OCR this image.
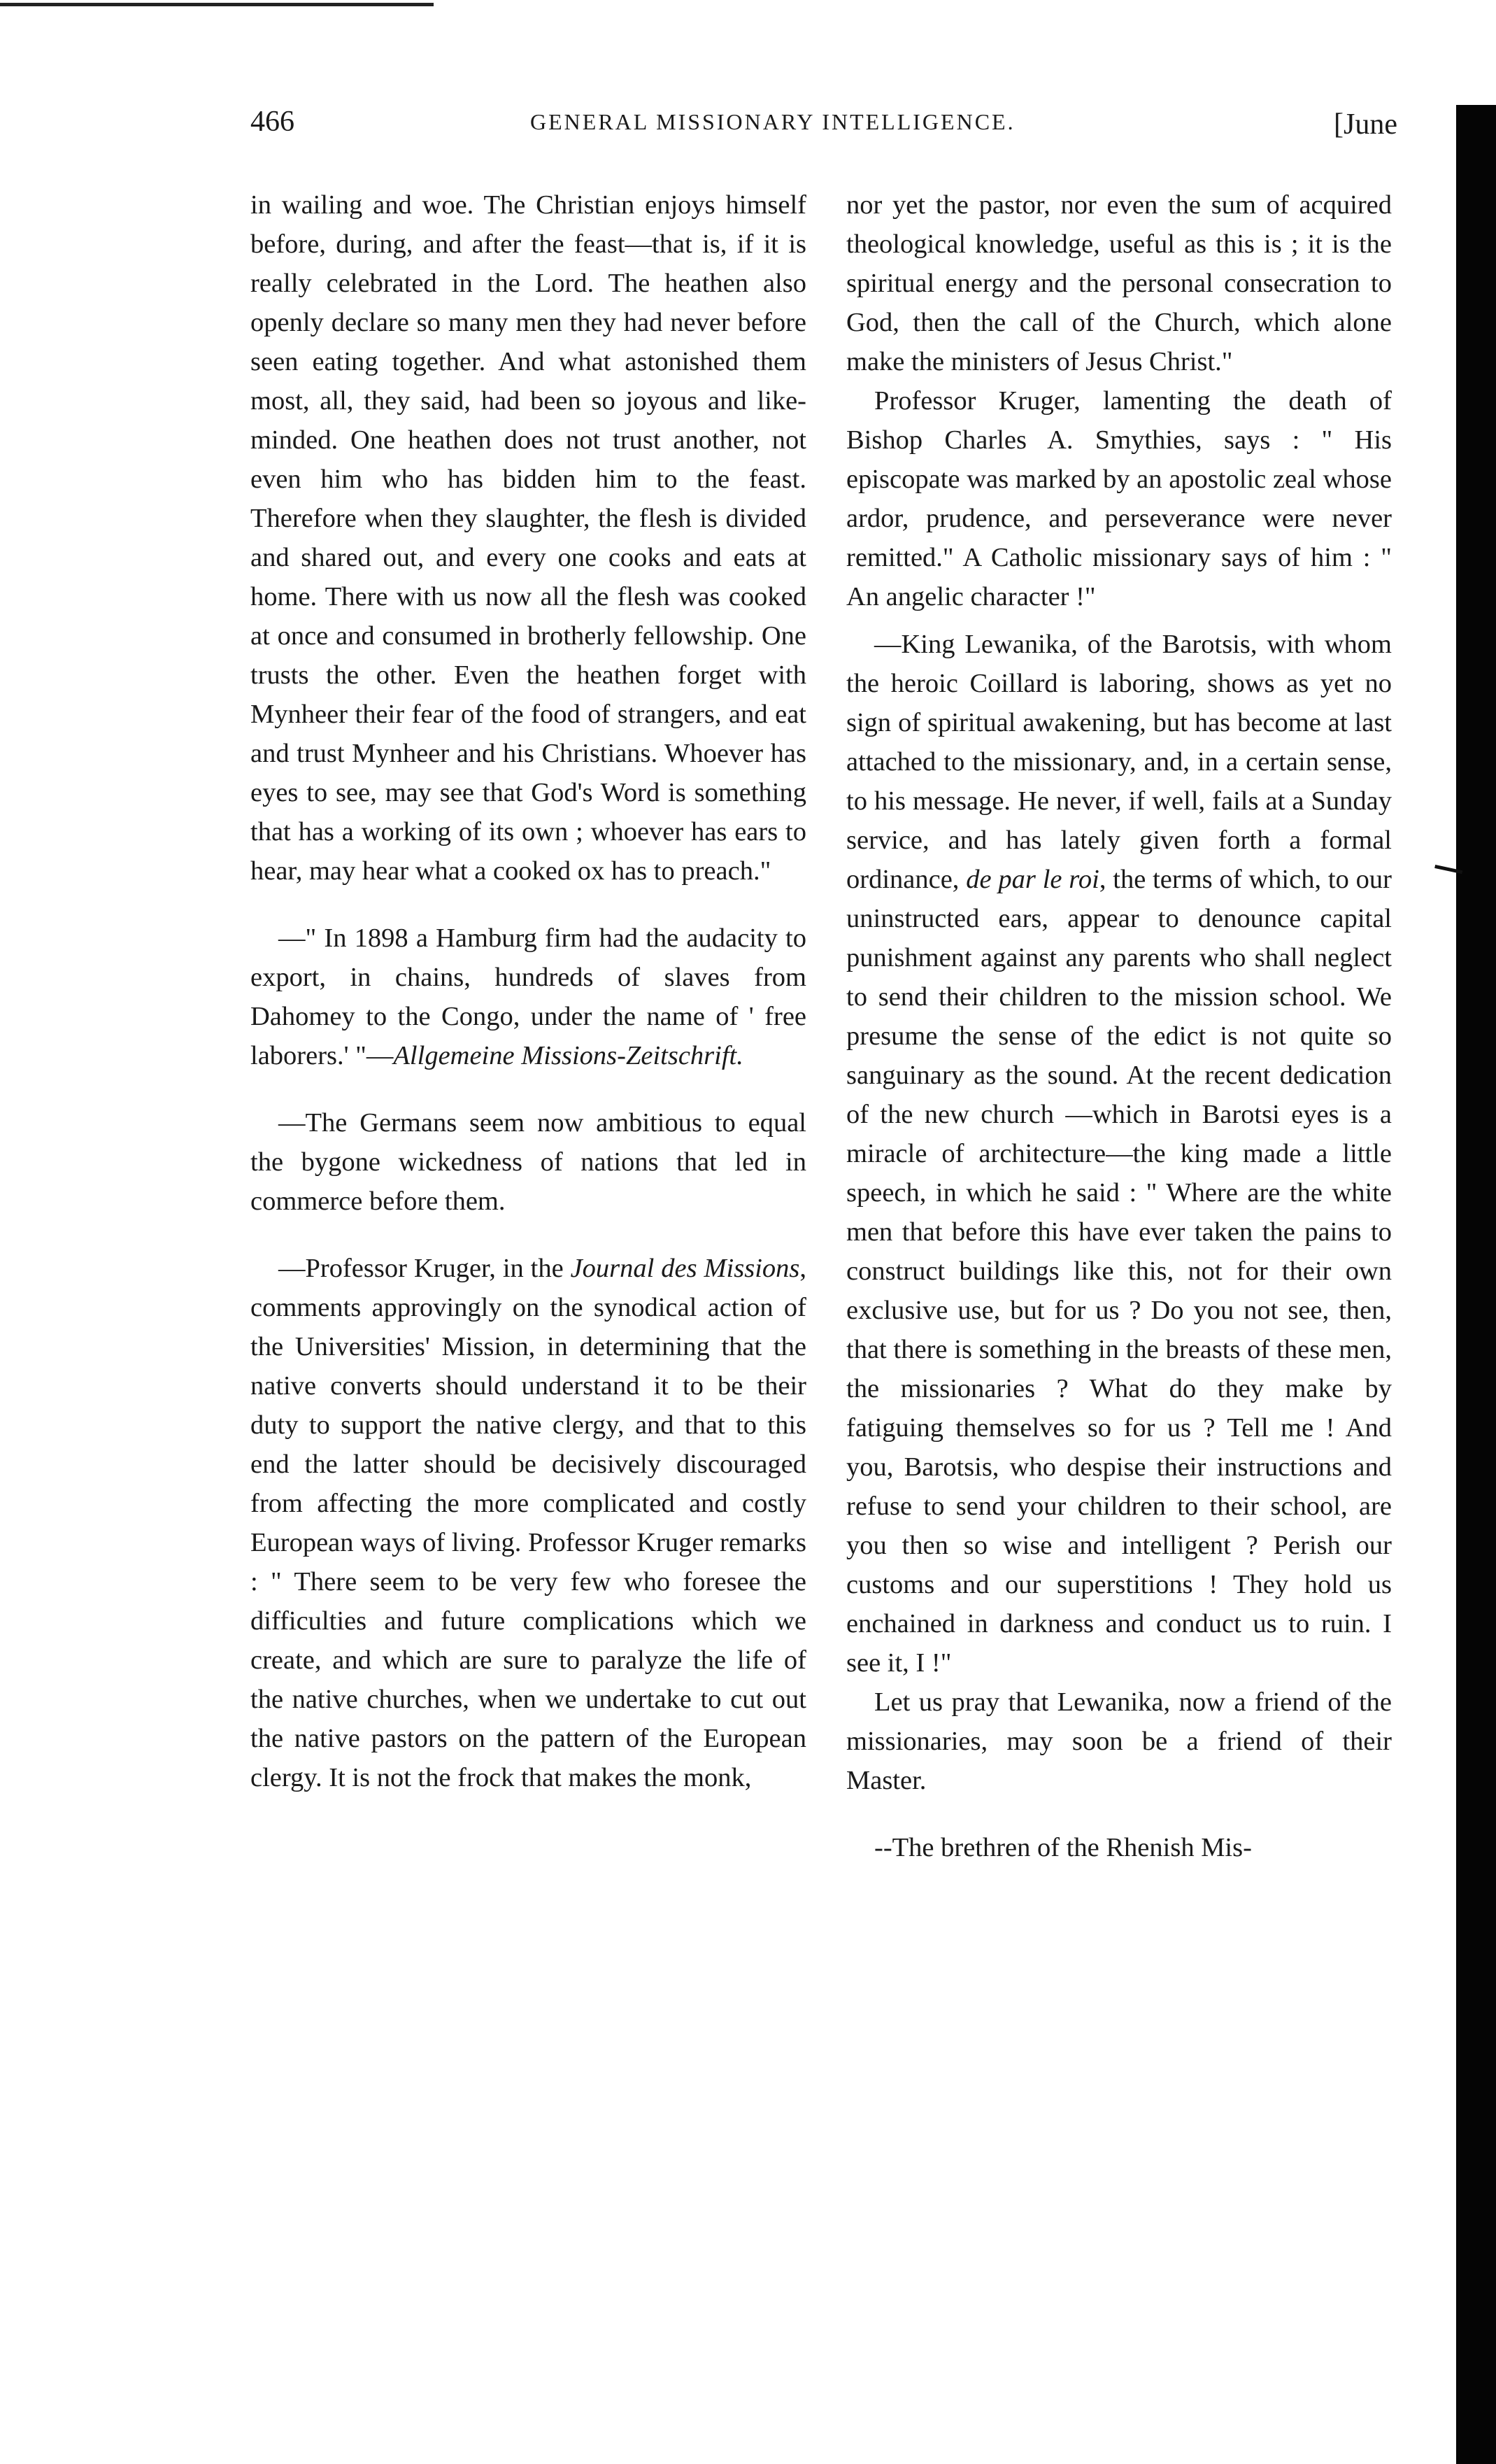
466	GENERAL MISSIONARY INTELLIGENCE.	[June

in wailing and woe. The Christian enjoys himself before, during, and after the feast—that is, if it is really celebrated in the Lord. The heathen also openly declare so many men they had never before seen eating together. And what astonished them most, all, they said, had been so joyous and like-minded. One heathen does not trust another, not even him who has bidden him to the feast. Therefore when they slaughter, the flesh is divided and shared out, and every one cooks and eats at home. There with us now all the flesh was cooked at once and consumed in brotherly fellowship. One trusts the other. Even the heathen forget with Mynheer their fear of the food of strangers, and eat and trust Mynheer and his Christians. Whoever has eyes to see, may see that God's Word is something that has a working of its own ; whoever has ears to hear, may hear what a cooked ox has to preach."

—" In 1898 a Hamburg firm had the audacity to export, in chains, hundreds of slaves from Dahomey to the Congo, under the name of ' free laborers.' "—Allgemeine Missions-Zeitschrift.

—The Germans seem now ambitious to equal the bygone wickedness of nations that led in commerce before them.

—Professor Kruger, in the Journal des Missions, comments approvingly on the synodical action of the Universities' Mission, in determining that the native converts should understand it to be their duty to support the native clergy, and that to this end the latter should be decisively discouraged from affecting the more complicated and costly European ways of living. Professor Kruger remarks : " There seem to be very few who foresee the difficulties and future complications which we create, and which are sure to paralyze the life of the native churches, when we undertake to cut out the native pastors on the pattern of the European clergy. It is not the frock that makes the monk,

nor yet the pastor, nor even the sum of acquired theological knowledge, useful as this is ; it is the spiritual energy and the personal consecration to God, then the call of the Church, which alone make the ministers of Jesus Christ."

Professor Kruger, lamenting the death of Bishop Charles A. Smythies, says : " His episcopate was marked by an apostolic zeal whose ardor, prudence, and perseverance were never remitted." A Catholic missionary says of him : " An angelic character !"

—King Lewanika, of the Barotsis, with whom the heroic Coillard is laboring, shows as yet no sign of spiritual awakening, but has become at last attached to the missionary, and, in a certain sense, to his message. He never, if well, fails at a Sunday service, and has lately given forth a formal ordinance, de par le roi, the terms of which, to our uninstructed ears, appear to denounce capital punishment against any parents who shall neglect to send their children to the mission school. We presume the sense of the edict is not quite so sanguinary as the sound. At the recent dedication of the new church —which in Barotsi eyes is a miracle of architecture—the king made a little speech, in which he said : " Where are the white men that before this have ever taken the pains to construct buildings like this, not for their own exclusive use, but for us ? Do you not see, then, that there is something in the breasts of these men, the missionaries ? What do they make by fatiguing themselves so for us ? Tell me ! And you, Barotsis, who despise their instructions and refuse to send your children to their school, are you then so wise and intelligent ? Perish our customs and our superstitions ! They hold us enchained in darkness and conduct us to ruin. I see it, I !"

Let us pray that Lewanika, now a friend of the missionaries, may soon be a friend of their Master.

--The brethren of the Rhenish Mis-
